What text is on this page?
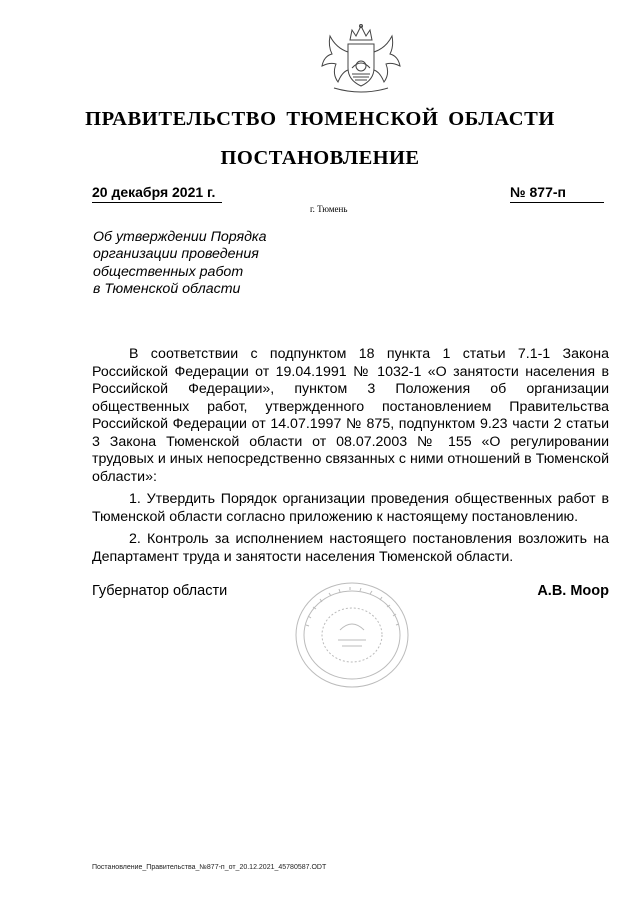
ПРАВИТЕЛЬСТВО ТЮМЕНСКОЙ ОБЛАСТИ
ПОСТАНОВЛЕНИЕ
20 декабря 2021 г.	№ 877-п
г. Тюмень
Об утверждении Порядка
организации проведения
общественных работ
в Тюменской области

В соответствии с подпунктом 18 пункта 1 статьи 7.1-1 Закона Российской Федерации от 19.04.1991 № 1032-1 «О занятости населения в Российской Федерации», пунктом 3 Положения об организации общественных работ, утвержденного постановлением Правительства Российской Федерации от 14.07.1997 № 875, подпунктом 9.23 части 2 статьи 3 Закона Тюменской области от 08.07.2003 № 155 «О регулировании трудовых и иных непосредственно связанных с ними отношений в Тюменской области»:

1. Утвердить Порядок организации проведения общественных работ в Тюменской области согласно приложению к настоящему постановлению.

2. Контроль за исполнением настоящего постановления возложить на Департамент труда и занятости населения Тюменской области.

Губернатор области	А.В. Моор
Постановление_Правительства_№877-п_от_20.12.2021_45780587.ODT
